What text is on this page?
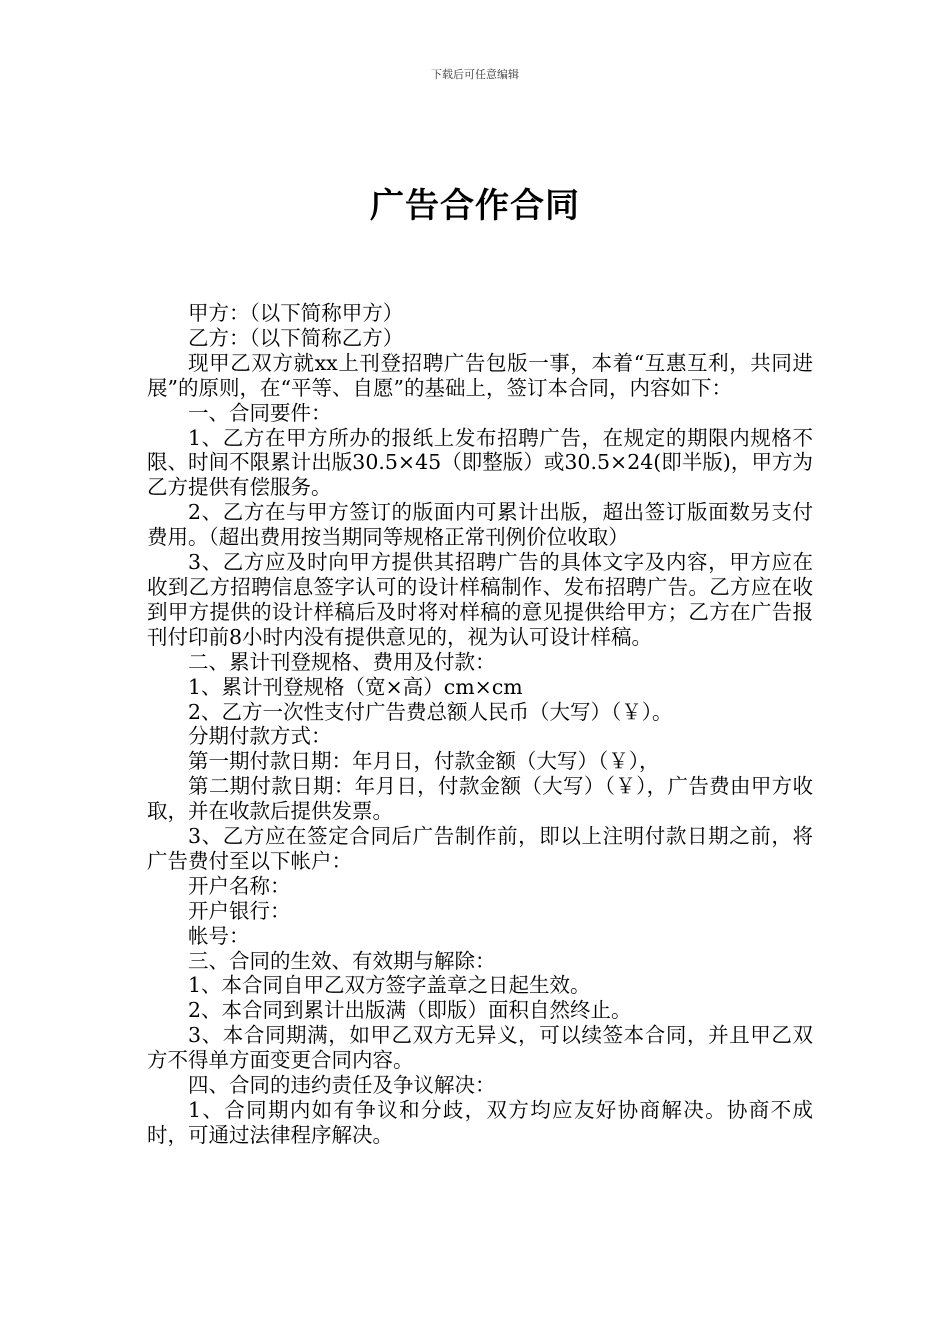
下载后可任意编辑
广告合作合同

甲方：（以下简称甲方）

乙方：（以下简称乙方）

现甲乙双方就xx上刊登招聘广告包版一事，本着“互惠互利，共同进展”的原则，在“平等、自愿”的基础上，签订本合同，内容如下：

一、合同要件：

1、乙方在甲方所办的报纸上发布招聘广告，在规定的期限内规格不限、时间不限累计出版30.5×45（即整版）或30.5×24(即半版)，甲方为乙方提供有偿服务。

2、乙方在与甲方签订的版面内可累计出版，超出签订版面数另支付费用。（超出费用按当期同等规格正常刊例价位收取）

3、乙方应及时向甲方提供其招聘广告的具体文字及内容，甲方应在收到乙方招聘信息签字认可的设计样稿制作、发布招聘广告。乙方应在收到甲方提供的设计样稿后及时将对样稿的意见提供给甲方；乙方在广告报刊付印前8小时内没有提供意见的，视为认可设计样稿。

二、累计刊登规格、费用及付款：

1、累计刊登规格（宽×高）cm×cm

2、乙方一次性支付广告费总额人民币（大写）（￥）。

分期付款方式：

第一期付款日期：年月日，付款金额（大写）（￥），

第二期付款日期：年月日，付款金额（大写）（￥），广告费由甲方收取，并在收款后提供发票。

3、乙方应在签定合同后广告制作前，即以上注明付款日期之前，将广告费付至以下帐户：

开户名称：

开户银行：

帐号：

三、合同的生效、有效期与解除：

1、本合同自甲乙双方签字盖章之日起生效。

2、本合同到累计出版满（即版）面积自然终止。

3、本合同期满，如甲乙双方无异义，可以续签本合同，并且甲乙双方不得单方面变更合同内容。

四、合同的违约责任及争议解决：

1、合同期内如有争议和分歧，双方均应友好协商解决。协商不成时，可通过法律程序解决。
